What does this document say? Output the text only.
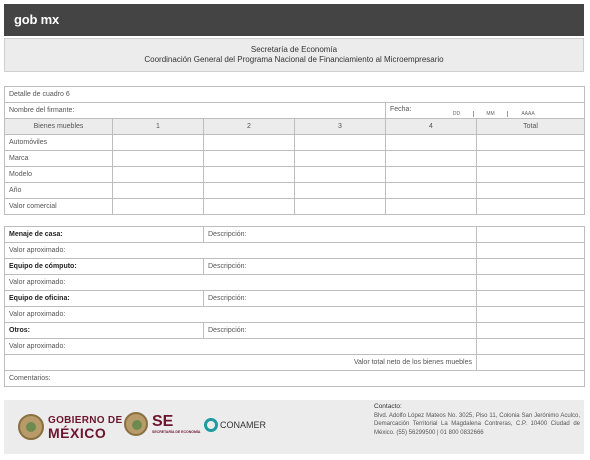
gob mx
Secretaría de Economía
Coordinación General del Programa Nacional de Financiamiento al Microempresario
Detalle de cuadro 6					
Nombre del firmante:				Fecha:
DD MM AAAA	

Bienes muebles	1	2	3	4	Total
Automóviles					
Marca					
Modelo					
Año					
Valor comercial					
Menaje de casa:	Descripción:	
Valor aproximado:		
Equipo de cómputo:	Descripción:	
Valor aproximado:		
Equipo de oficina:	Descripción:	
Valor aproximado:		
Otros:	Descripción:	
Valor aproximado:		
Valor total neto de los bienes muebles		
Comentarios:		
GOBIERNO DE
MÉXICO
SE
SECRETARÍA DE ECONOMÍA
CONAMER
Contacto:
Blvd. Adolfo López Mateos No. 3025, Piso 11, Colonia San Jerónimo Aculco, Demarcación Territorial La Magdalena Contreras, C.P. 10400 Ciudad de México. (55) 56299500 | 01 800 0832666
